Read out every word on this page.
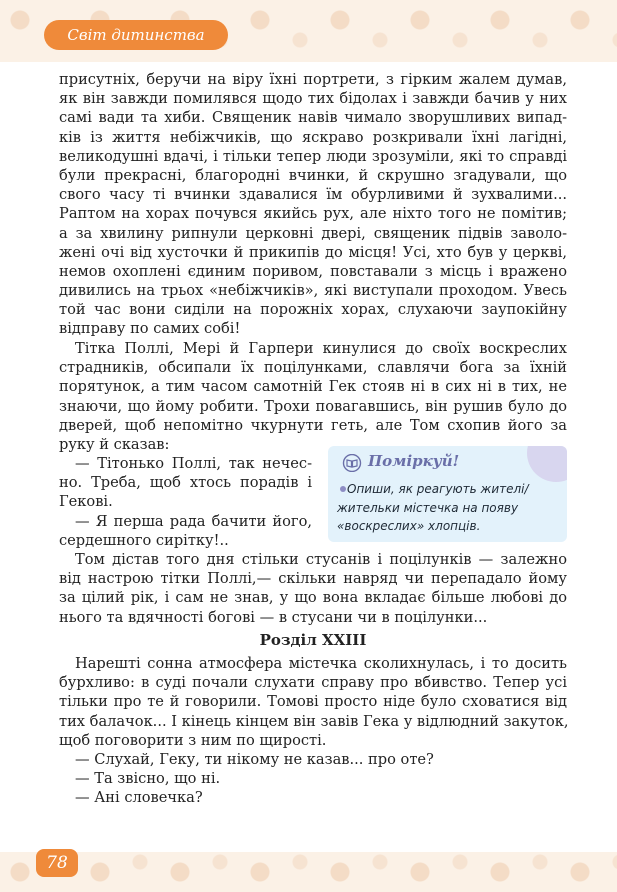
Світ дитинства
присутніх, беручи на віру їхні портрети, з гірким жалем думав,
як він завжди помилявся щодо тих бідолах і завжди бачив у них
самі вади та хиби. Священик навів чимало зворушливих випад-
ків із життя небіжчиків, що яскраво розкривали їхні лагідні,
великодушні вдачі, і тільки тепер люди зрозуміли, які то справді
були прекрасні, благородні вчинки, й скрушно згадували, що
свого часу ті вчинки здавалися їм обурливими й зухвалими...
Раптом на хорах почувся якийсь рух, але ніхто того не помітив;
а за хвилину рипнули церковні двері, священик підвів заволо-
жені очі від хусточки й прикипів до місця! Усі, хто був у церкві,
немов охоплені єдиним поривом, повставали з місць і вражено
дивились на трьох «небіжчиків», які виступали проходом. Увесь
той час вони сиділи на порожніх хорах, слухаючи заупокійну
відправу по самих собі!
Тітка Поллі, Мері й Гарпери кинулися до своїх воскреслих
страдників, обсипали їх поцілунками, славлячи бога за їхній
порятунок, а тим часом самотній Гек стояв ні в сих ні в тих, не
знаючи, що йому робити. Трохи повагавшись, він рушив було до
дверей, щоб непомітно чкурнути геть, але Том схопив його за
руку й сказав:
— Тітонько Поллі, так нечес-
но. Треба, щоб хтось порадів і
Гекові.
— Я перша рада бачити його,
сердешного сирітку!..
Поміркуй!
Опиши, як реагують жителі/
жительки містечка на появу
«воскреслих» хлопців.
Том дістав того дня стільки стусанів і поцілунків — залежно
від настрою тітки Поллі,— скільки навряд чи перепадало йому
за цілий рік, і сам не знав, у що вона вкладає більше любові до
нього та вдячності богові — в стусани чи в поцілунки...
Розділ XXIII
Нарешті сонна атмосфера містечка сколихнулась, і то досить
бурхливо: в суді почали слухати справу про вбивство. Тепер усі
тільки про те й говорили. Томові просто ніде було сховатися від
тих балачок... І кінець кінцем він завів Гека у відлюдний закуток,
щоб поговорити з ним по щирості.
— Слухай, Геку, ти нікому не казав... про оте?
— Та звісно, що ні.
— Ані словечка?
78
